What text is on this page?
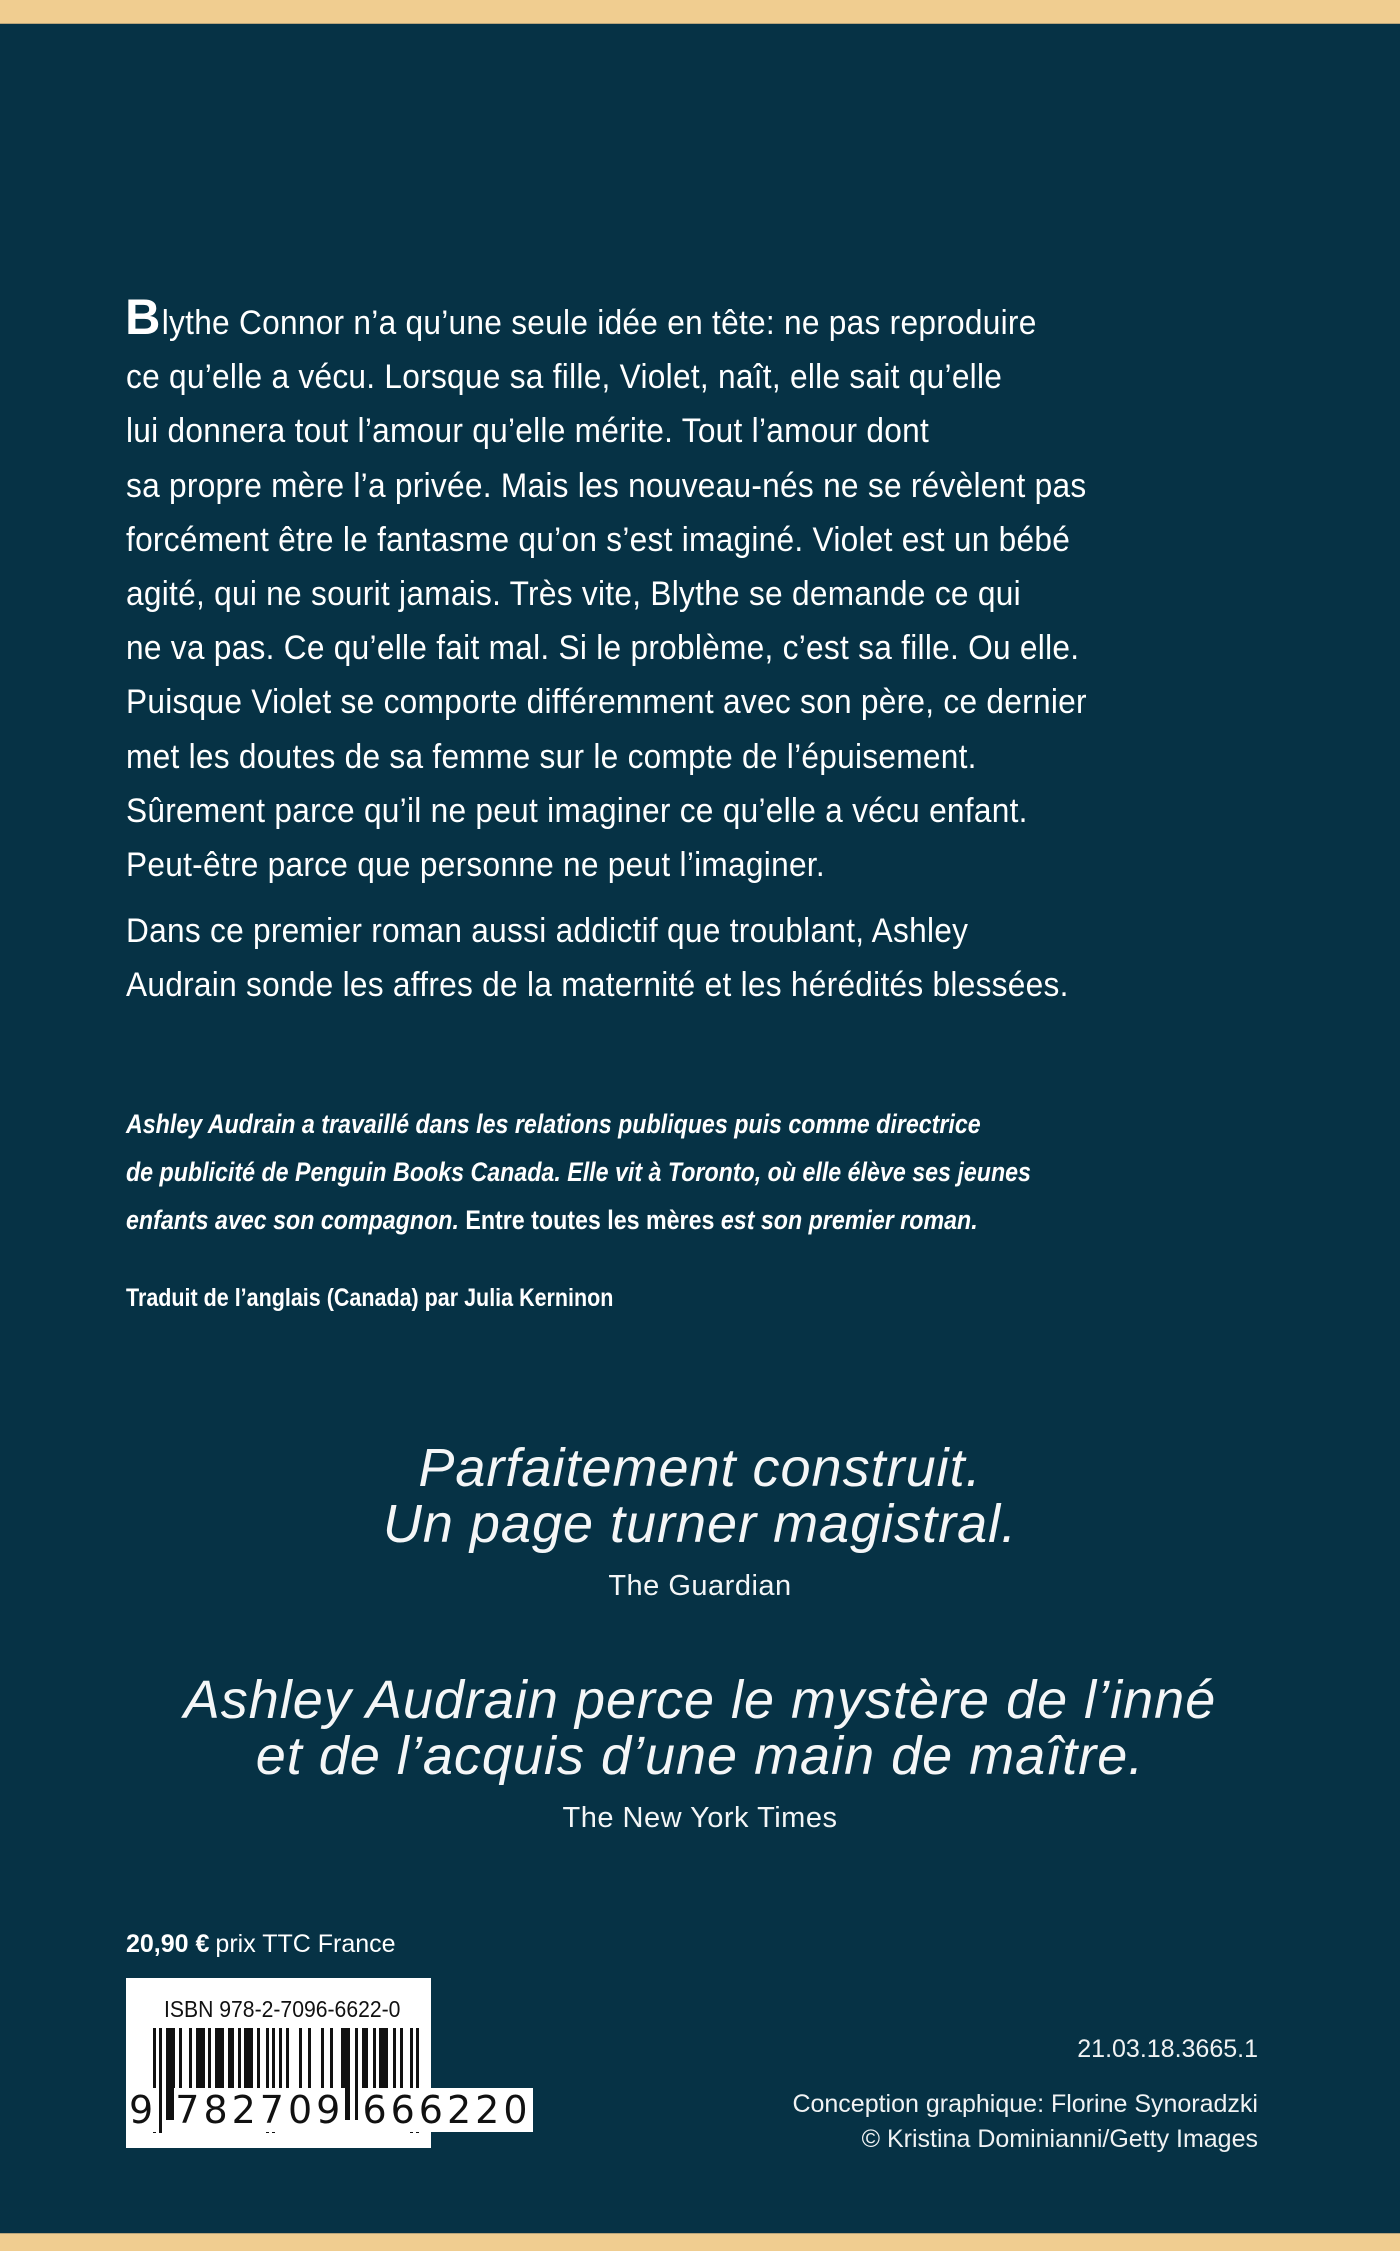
Blythe Connor n’a qu’une seule idée en tête: ne pas reproduire
ce qu’elle a vécu. Lorsque sa fille, Violet, naît, elle sait qu’elle
lui donnera tout l’amour qu’elle mérite. Tout l’amour dont
sa propre mère l’a privée. Mais les nouveau-nés ne se révèlent pas
forcément être le fantasme qu’on s’est imaginé. Violet est un bébé
agité, qui ne sourit jamais. Très vite, Blythe se demande ce qui
ne va pas. Ce qu’elle fait mal. Si le problème, c’est sa fille. Ou elle.
Puisque Violet se comporte différemment avec son père, ce dernier
met les doutes de sa femme sur le compte de l’épuisement.
Sûrement parce qu’il ne peut imaginer ce qu’elle a vécu enfant.
Peut-être parce que personne ne peut l’imaginer.
Dans ce premier roman aussi addictif que troublant, Ashley
Audrain sonde les affres de la maternité et les hérédités blessées.
Ashley Audrain a travaillé dans les relations publiques puis comme directrice
de publicité de Penguin Books Canada. Elle vit à Toronto, où elle élève ses jeunes
enfants avec son compagnon. Entre toutes les mères est son premier roman.
Traduit de l’anglais (Canada) par Julia Kerninon
Parfaitement construit.
Un page turner magistral.
The Guardian
Ashley Audrain perce le mystère de l’inné
et de l’acquis d’une main de maître.
The New York Times
20,90 € prix TTC France
ISBN 978-2-7096-6622-0
9 782709 666220
21.03.18.3665.1
Conception graphique: Florine Synoradzki
© Kristina Dominianni/Getty Images
